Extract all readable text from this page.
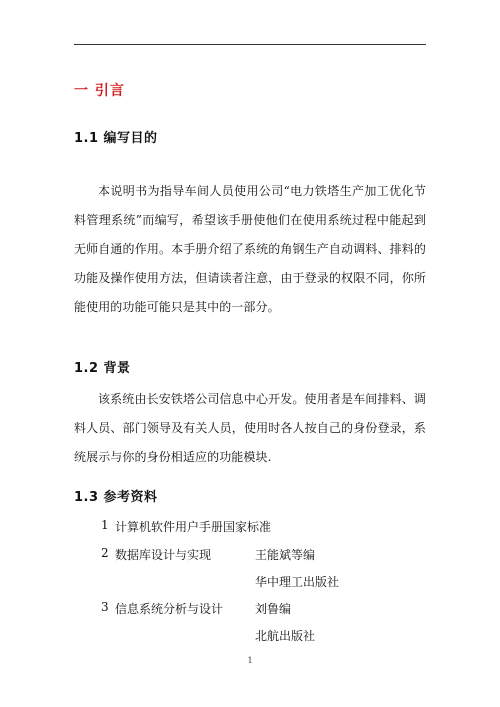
一 引言
1.1 编写目的
本说明书为指导车间人员使用公司“电力铁塔生产加工优化节料管理系统”而编写，希望该手册使他们在使用系统过程中能起到无师自通的作用。本手册介绍了系统的角钢生产自动调料、排料的功能及操作使用方法，但请读者注意，由于登录的权限不同，你所能使用的功能可能只是其中的一部分。
1.2 背景
该系统由长安铁塔公司信息中心开发。使用者是车间排料、调料人员、部门领导及有关人员，使用时各人按自己的身份登录，系统展示与你的身份相适应的功能模块.
1.3 参考资料
1 计算机软件用户手册国家标准
2 数据库设计与实现	王能斌等编
华中理工出版社
3 信息系统分析与设计	刘鲁编
北航出版社
1
